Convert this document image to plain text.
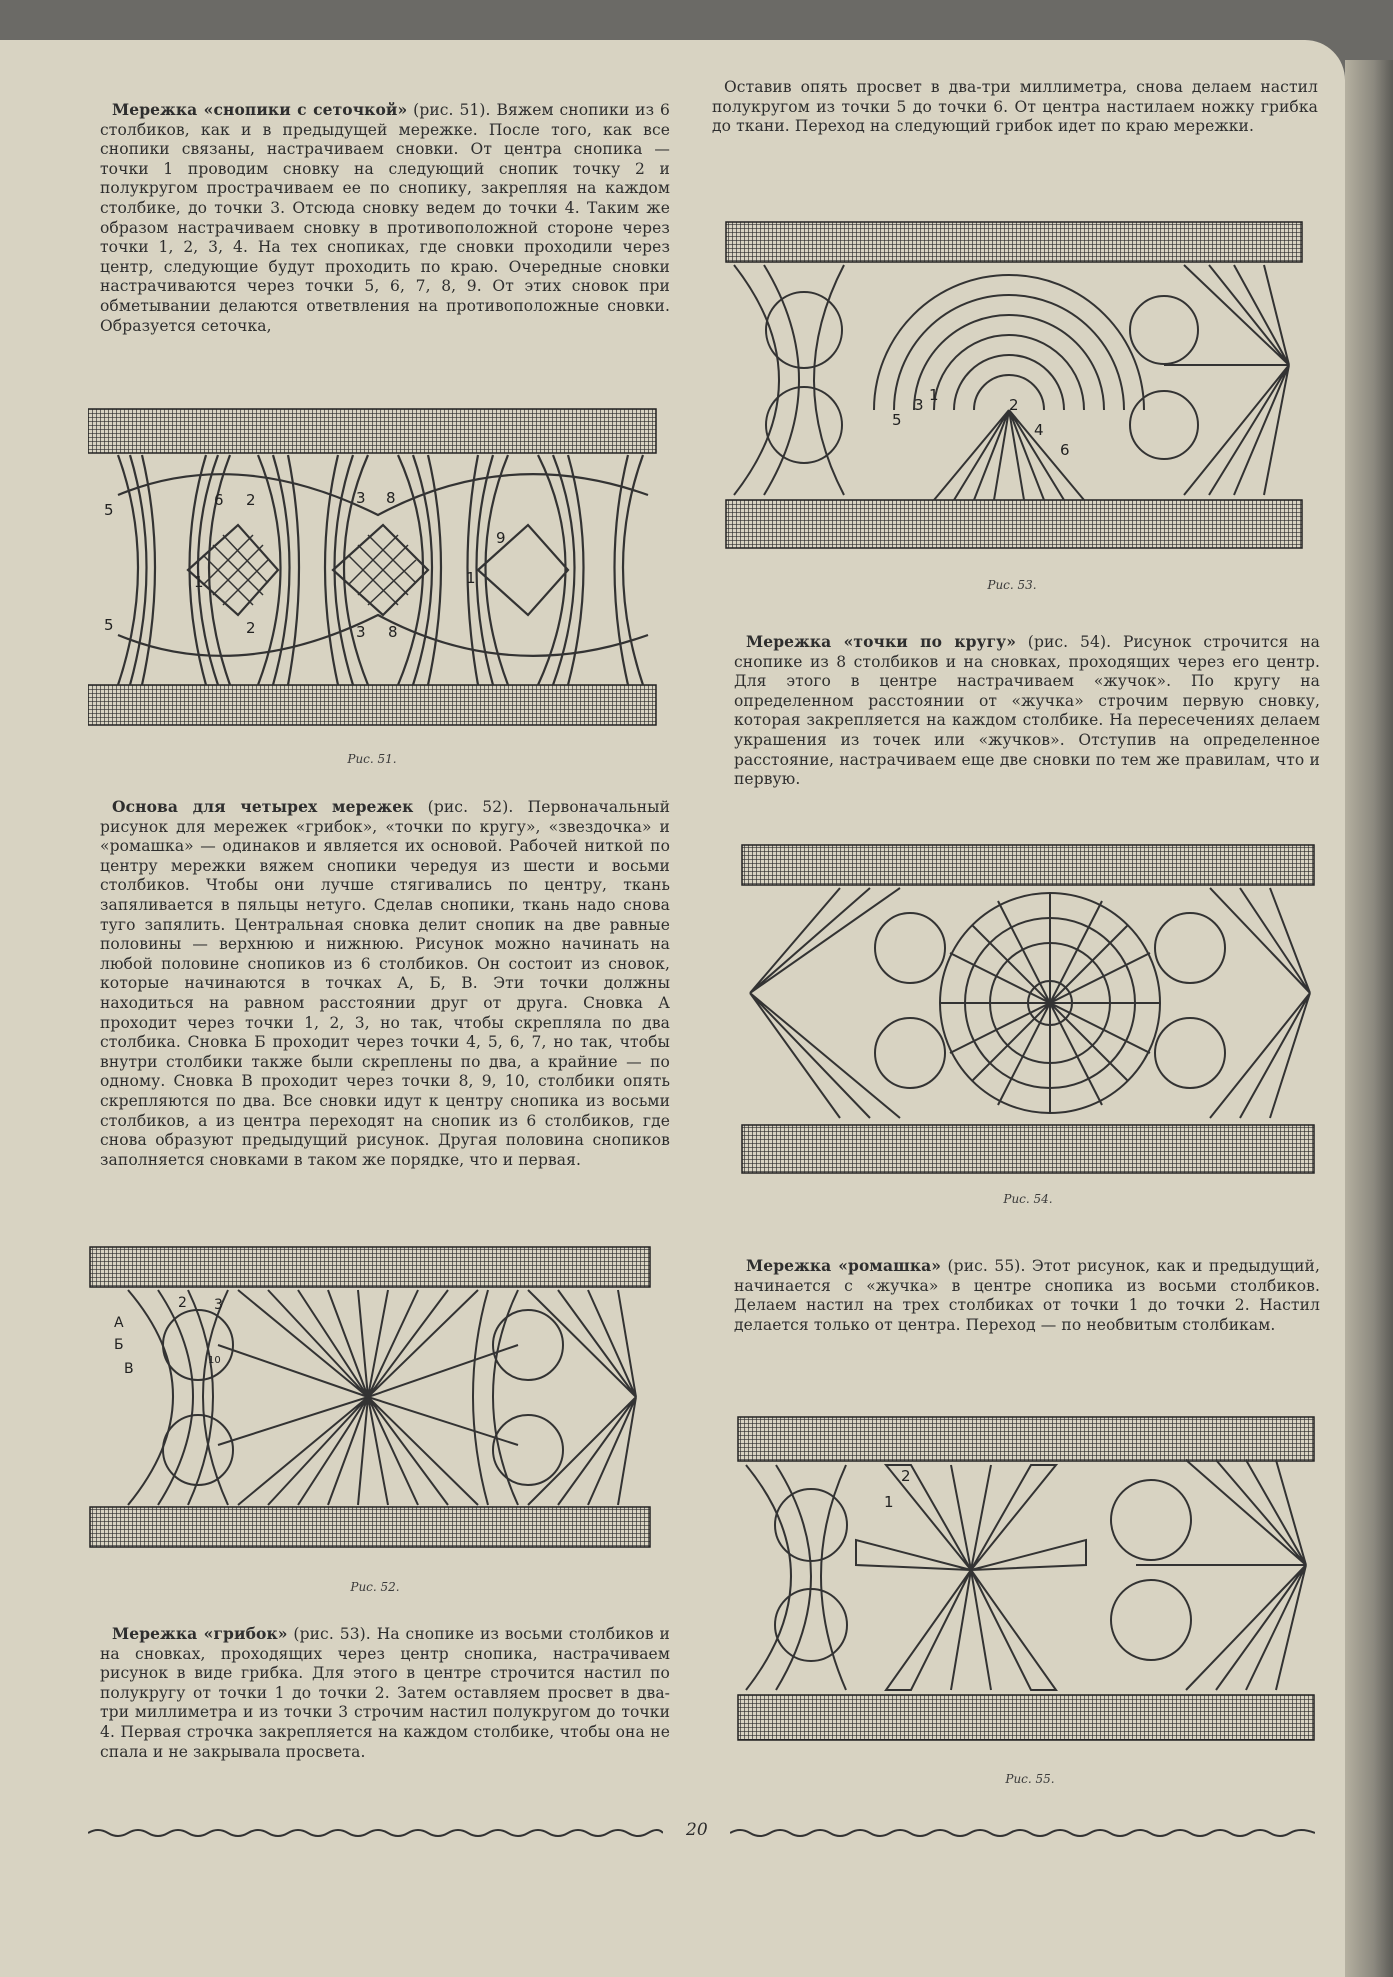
Мережка «снопики с сеточкой» (рис. 51). Вяжем снопики из 6 столбиков, как и в предыдущей мережке. После того, как все снопики связаны, настрачиваем сновки. От центра снопика — точки 1 проводим сновку на следующий снопик точку 2 и полукругом прострачиваем ее по снопику, закрепляя на каждом столбике, до точки 3. Отсюда сновку ведем до точки 4. Таким же образом настрачиваем сновку в противоположной стороне через точки 1, 2, 3, 4. На тех снопиках, где сновки проходили через центр, следующие будут проходить по краю. Очередные сновки настрачиваются через точки 5, 6, 7, 8, 9. От этих сновок при обметывании делаются ответвления на противоположные сновки. Образуется сеточка,

5
6 2	3 8
9
1	1
5	2	3 8
Рис. 51.

Основа для четырех мережек (рис. 52). Первоначальный рисунок для мережек «грибок», «точки по кругу», «звездочка» и «ромашка» — одинаков и является их основой. Рабочей ниткой по центру мережки вяжем снопики чередуя из шести и восьми столбиков. Чтобы они лучше стягивались по центру, ткань запяливается в пяльцы нетуго. Сделав снопики, ткань надо снова туго запялить. Центральная сновка делит снопик на две равные половины — верхнюю и нижнюю. Рисунок можно начинать на любой половине снопиков из 6 столбиков. Он состоит из сновок, которые начинаются в точках А, Б, В. Эти точки должны находиться на равном расстоянии друг от друга. Сновка А проходит через точки 1, 2, 3, но так, чтобы скрепляла по два столбика. Сновка Б проходит через точки 4, 5, 6, 7, но так, чтобы внутри столбики также были скреплены по два, а крайние — по одному. Сновка В проходит через точки 8, 9, 10, столбики опять скрепляются по два. Все сновки идут к центру снопика из восьми столбиков, а из центра переходят на снопик из 6 столбиков, где снова образуют предыдущий рисунок. Другая половина снопиков заполняется сновками в таком же порядке, что и первая.

2 3
A
Б
B
10
Рис. 52.

Мережка «грибок» (рис. 53). На снопике из восьми столбиков и на сновках, проходящих через центр снопика, настрачиваем рисунок в виде грибка. Для этого в центре строчится настил по полукругу от точки 1 до точки 2. Затем оставляем просвет в два-три миллиметра и из точки 3 строчим настил полукругом до точки 4. Первая строчка закрепляется на каждом столбике, чтобы она не спала и не закрывала просвета.

Оставив опять просвет в два-три миллиметра, снова делаем настил полукругом из точки 5 до точки 6. От центра настилаем ножку грибка до ткани. Переход на следующий грибок идет по краю мережки.

5
3
1
2
4
6
Рис. 53.

Мережка «точки по кругу» (рис. 54). Рисунок строчится на снопике из 8 столбиков и на сновках, проходящих через его центр. Для этого в центре настрачиваем «жучок». По кругу на определенном расстоянии от «жучка» строчим первую сновку, которая закрепляется на каждом столбике. На пересечениях делаем украшения из точек или «жучков». Отступив на определенное расстояние, настрачиваем еще две сновки по тем же правилам, что и первую.

Рис. 54.

Мережка «ромашка» (рис. 55). Этот рисунок, как и предыдущий, начинается с «жучка» в центре снопика из восьми столбиков. Делаем настил на трех столбиках от точки 1 до точки 2. Настил делается только от центра. Переход — по необвитым столбикам.

2
1
Рис. 55.
20
